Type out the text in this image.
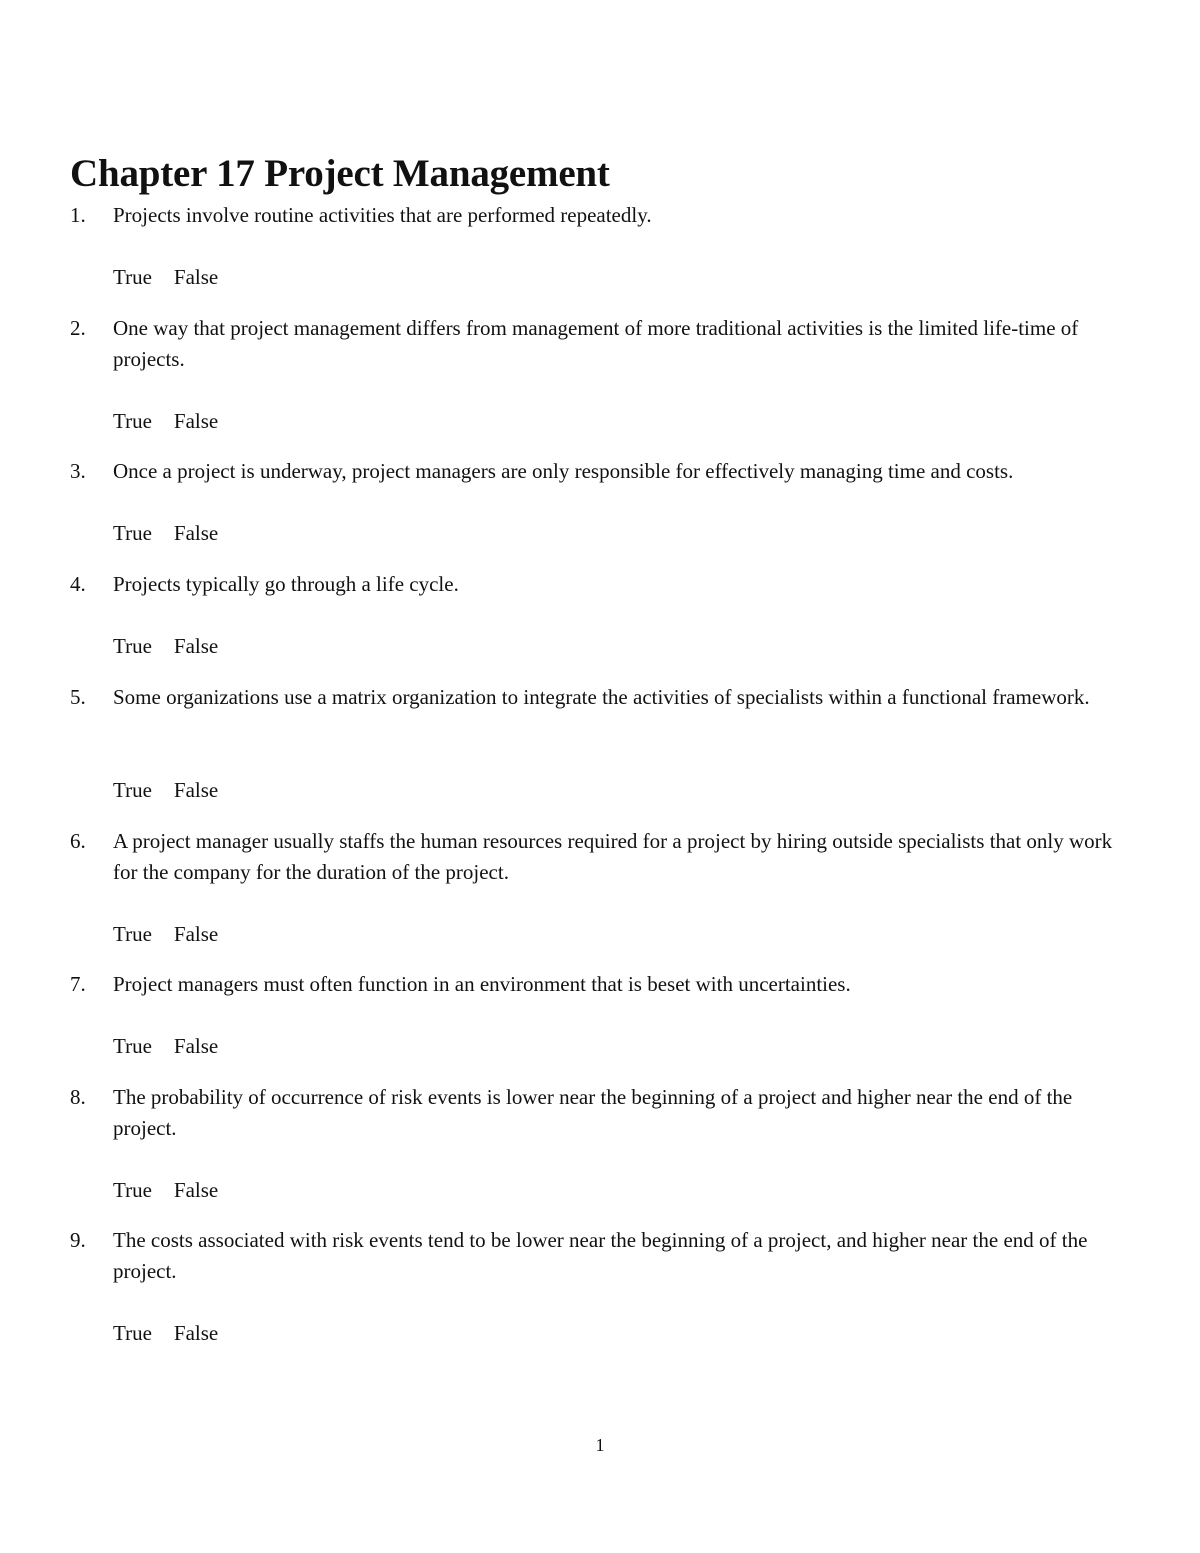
Chapter 17 Project Management
1. Projects involve routine activities that are performed repeatedly.
True False
2. One way that project management differs from management of more traditional activities is the limited life-time of projects.
True False
3. Once a project is underway, project managers are only responsible for effectively managing time and costs.
True False
4. Projects typically go through a life cycle.
True False
5. Some organizations use a matrix organization to integrate the activities of specialists within a functional framework.
True False
6. A project manager usually staffs the human resources required for a project by hiring outside specialists that only work for the company for the duration of the project.
True False
7. Project managers must often function in an environment that is beset with uncertainties.
True False
8. The probability of occurrence of risk events is lower near the beginning of a project and higher near the end of the project.
True False
9. The costs associated with risk events tend to be lower near the beginning of a project, and higher near the end of the project.
True False
1
